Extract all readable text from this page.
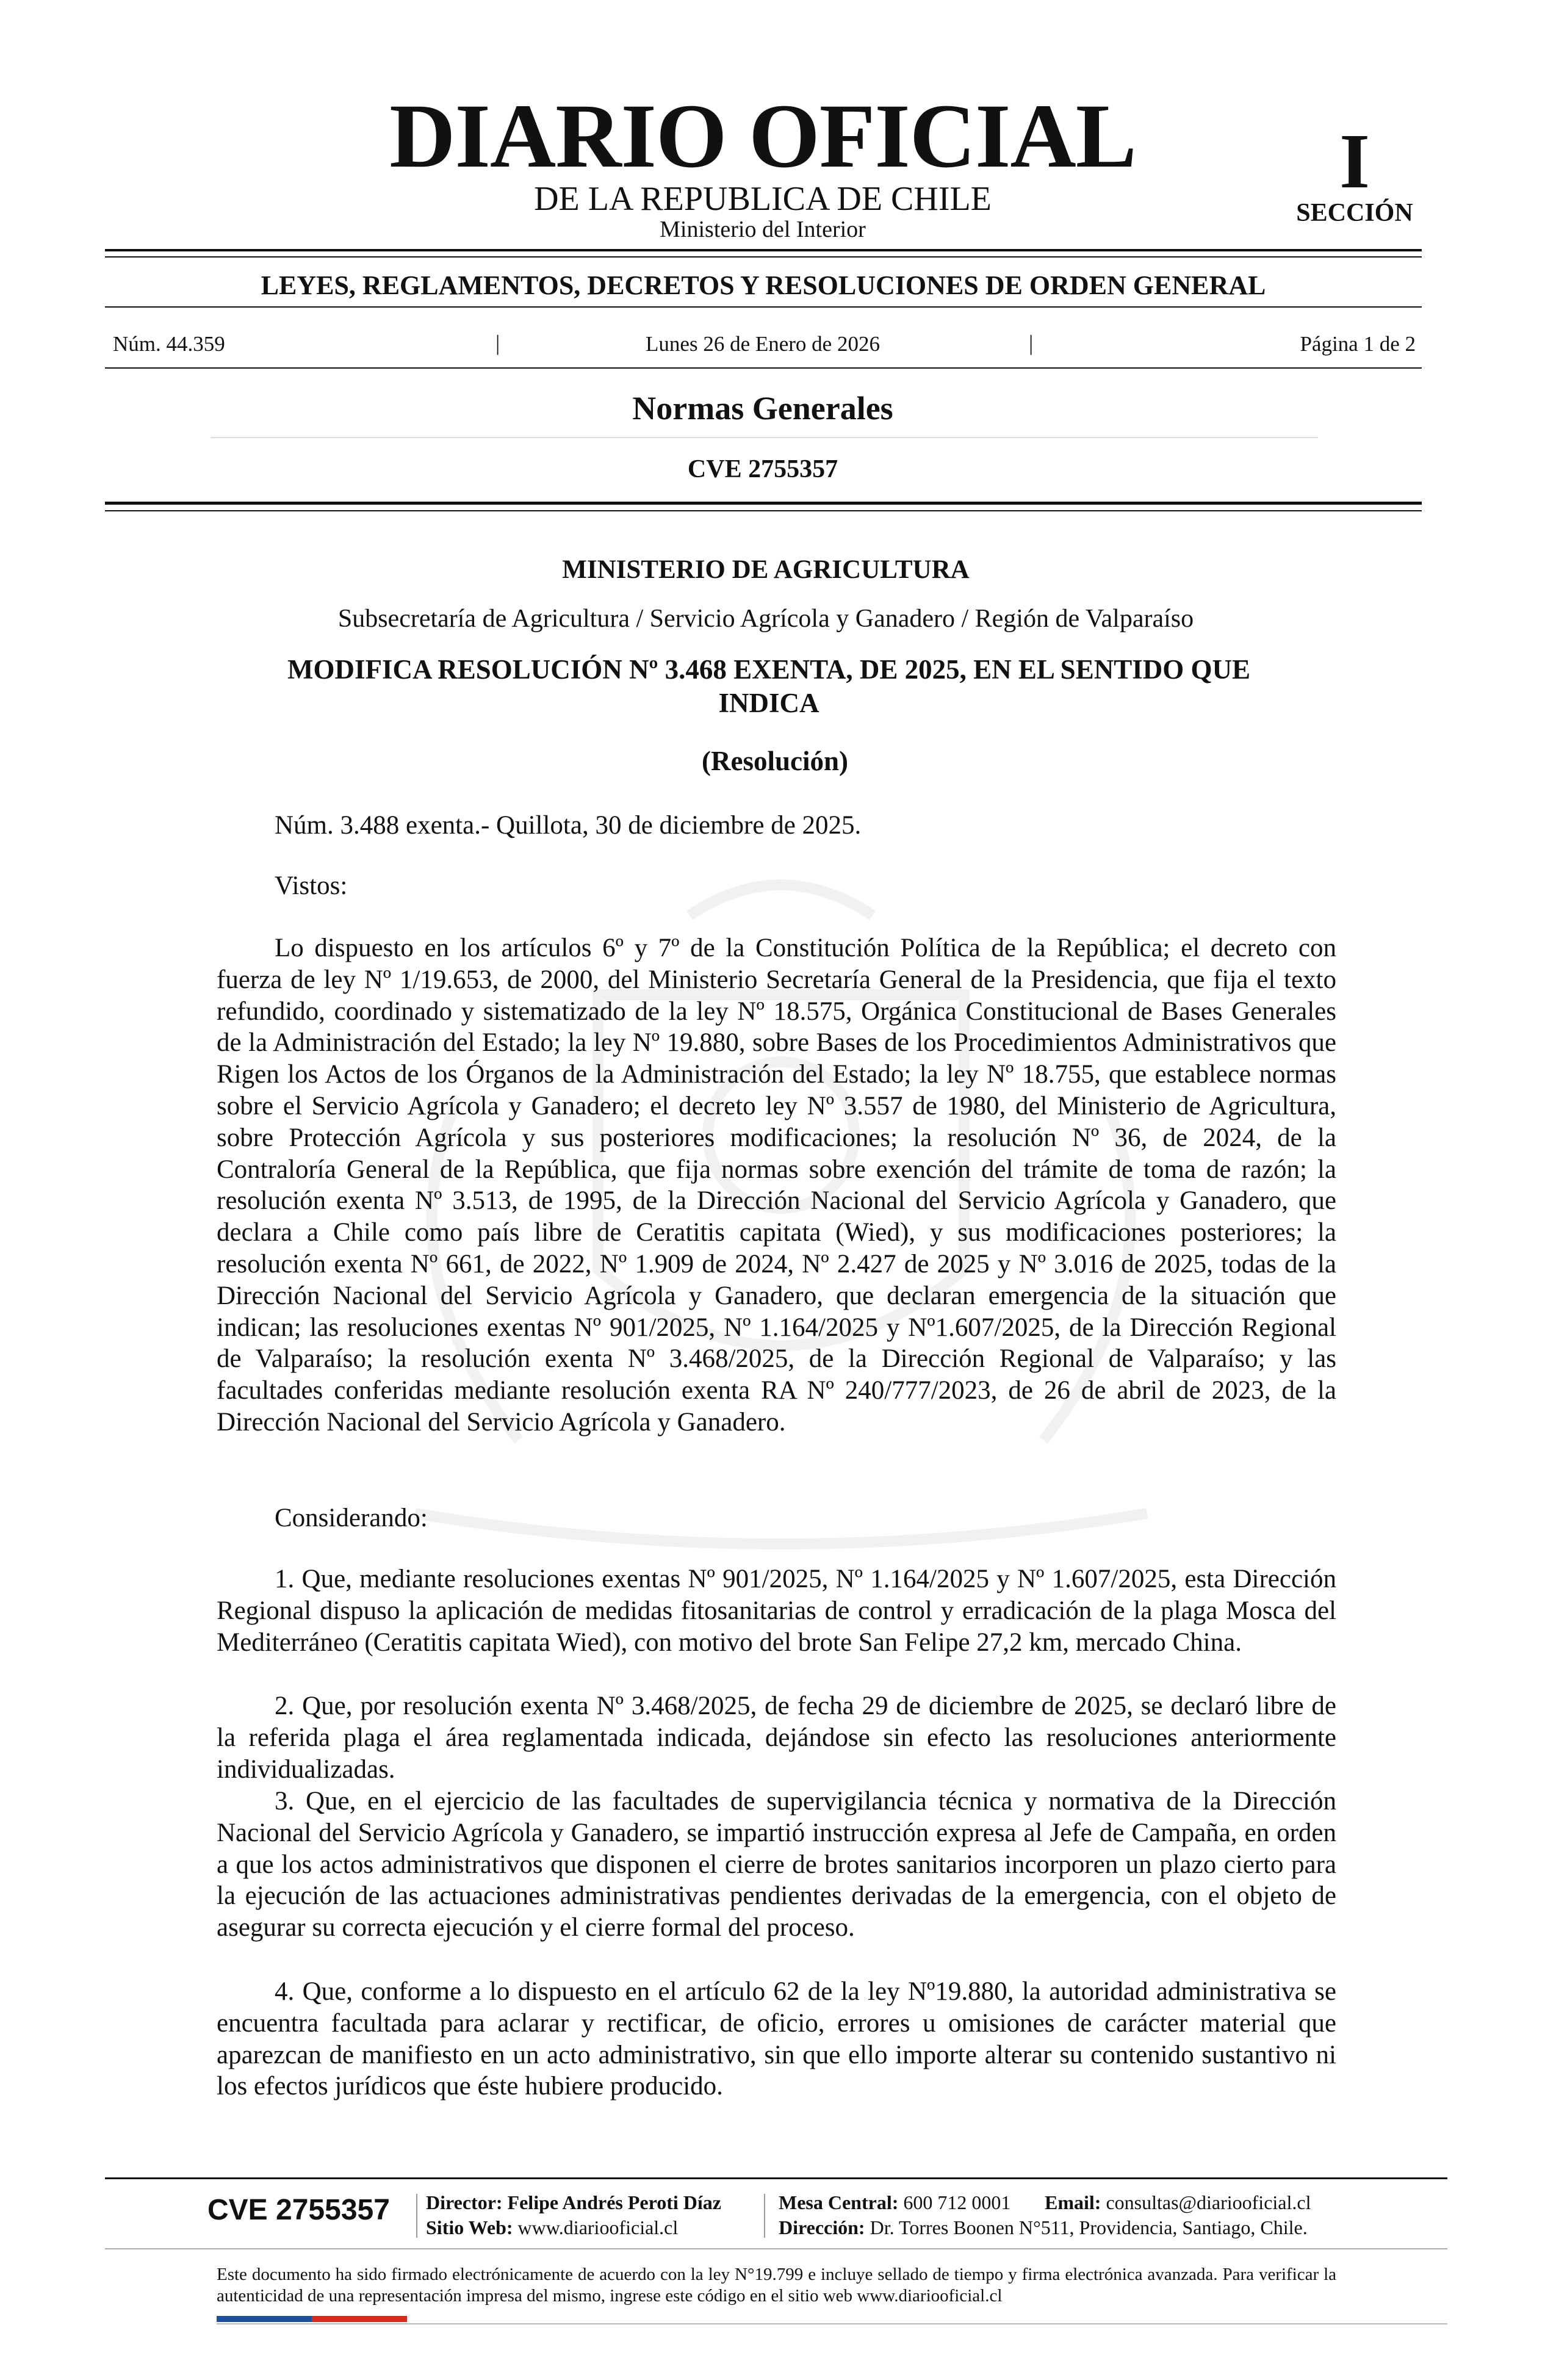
DIARIO OFICIAL
DE LA REPUBLICA DE CHILE
Ministerio del Interior
I
SECCIÓN
LEYES, REGLAMENTOS, DECRETOS Y RESOLUCIONES DE ORDEN GENERAL
Núm. 44.359	|	Lunes 26 de Enero de 2026	|	Página 1 de 2
Normas Generales
CVE 2755357
MINISTERIO DE AGRICULTURA
Subsecretaría de Agricultura / Servicio Agrícola y Ganadero / Región de Valparaíso
MODIFICA RESOLUCIÓN Nº 3.468 EXENTA, DE 2025, EN EL SENTIDO QUE INDICA
(Resolución)
Núm. 3.488 exenta.- Quillota, 30 de diciembre de 2025.
Vistos:

Lo dispuesto en los artículos 6º y 7º de la Constitución Política de la República; el decreto con fuerza de ley Nº 1/19.653, de 2000, del Ministerio Secretaría General de la Presidencia, que fija el texto refundido, coordinado y sistematizado de la ley Nº 18.575, Orgánica Constitucional de Bases Generales de la Administración del Estado; la ley Nº 19.880, sobre Bases de los Procedimientos Administrativos que Rigen los Actos de los Órganos de la Administración del Estado; la ley Nº 18.755, que establece normas sobre el Servicio Agrícola y Ganadero; el decreto ley Nº 3.557 de 1980, del Ministerio de Agricultura, sobre Protección Agrícola y sus posteriores modificaciones; la resolución Nº 36, de 2024, de la Contraloría General de la República, que fija normas sobre exención del trámite de toma de razón; la resolución exenta Nº 3.513, de 1995, de la Dirección Nacional del Servicio Agrícola y Ganadero, que declara a Chile como país libre de Ceratitis capitata (Wied), y sus modificaciones posteriores; la resolución exenta Nº 661, de 2022, Nº 1.909 de 2024, Nº 2.427 de 2025 y Nº 3.016 de 2025, todas de la Dirección Nacional del Servicio Agrícola y Ganadero, que declaran emergencia de la situación que indican; las resoluciones exentas Nº 901/2025, Nº 1.164/2025 y Nº1.607/2025, de la Dirección Regional de Valparaíso; la resolución exenta Nº 3.468/2025, de la Dirección Regional de Valparaíso; y las facultades conferidas mediante resolución exenta RA Nº 240/777/2023, de 26 de abril de 2023, de la Dirección Nacional del Servicio Agrícola y Ganadero.

Considerando:

1. Que, mediante resoluciones exentas Nº 901/2025, Nº 1.164/2025 y Nº 1.607/2025, esta Dirección Regional dispuso la aplicación de medidas fitosanitarias de control y erradicación de la plaga Mosca del Mediterráneo (Ceratitis capitata Wied), con motivo del brote San Felipe 27,2 km, mercado China.

2. Que, por resolución exenta Nº 3.468/2025, de fecha 29 de diciembre de 2025, se declaró libre de la referida plaga el área reglamentada indicada, dejándose sin efecto las resoluciones anteriormente individualizadas.

3. Que, en el ejercicio de las facultades de supervigilancia técnica y normativa de la Dirección Nacional del Servicio Agrícola y Ganadero, se impartió instrucción expresa al Jefe de Campaña, en orden a que los actos administrativos que disponen el cierre de brotes sanitarios incorporen un plazo cierto para la ejecución de las actuaciones administrativas pendientes derivadas de la emergencia, con el objeto de asegurar su correcta ejecución y el cierre formal del proceso.

4. Que, conforme a lo dispuesto en el artículo 62 de la ley Nº19.880, la autoridad administrativa se encuentra facultada para aclarar y rectificar, de oficio, errores u omisiones de carácter material que aparezcan de manifiesto en un acto administrativo, sin que ello importe alterar su contenido sustantivo ni los efectos jurídicos que éste hubiere producido.

CVE 2755357 Director: Felipe Andrés Peroti Díaz
Sitio Web: www.diariooficial.cl
Mesa Central: 600 712 0001 Email: consultas@diariooficial.cl
Dirección: Dr. Torres Boonen N°511, Providencia, Santiago, Chile.

Este documento ha sido firmado electrónicamente de acuerdo con la ley N°19.799 e incluye sellado de tiempo y firma electrónica avanzada. Para verificar la autenticidad de una representación impresa del mismo, ingrese este código en el sitio web www.diariooficial.cl
